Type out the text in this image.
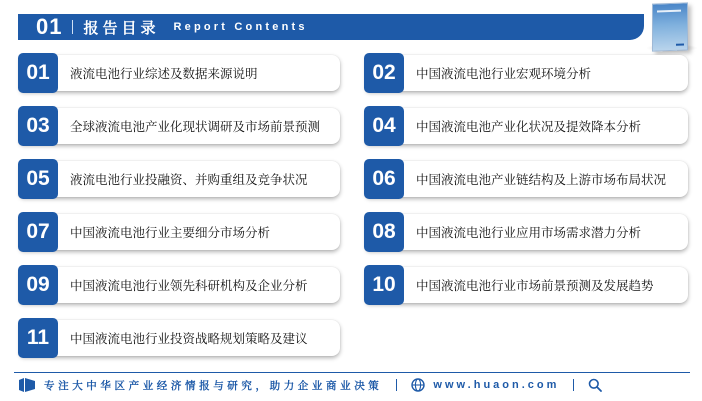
01 报告目录 Report Contents
01	液流电池行业综述及数据来源说明
03	全球液流电池产业化现状调研及市场前景预测
05	液流电池行业投融资、并购重组及竞争状况
07	中国液流电池行业主要细分市场分析
09	中国液流电池行业领先科研机构及企业分析
11	中国液流电池行业投资战略规划策略及建议
02	中国液流电池行业宏观环境分析
04	中国液流电池产业化状况及提效降本分析
06	中国液流电池产业链结构及上游市场布局状况
08	中国液流电池行业应用市场需求潜力分析
10	中国液流电池行业市场前景预测及发展趋势
专注大中华区产业经济情报与研究，助力企业商业决策	www.huaon.com
